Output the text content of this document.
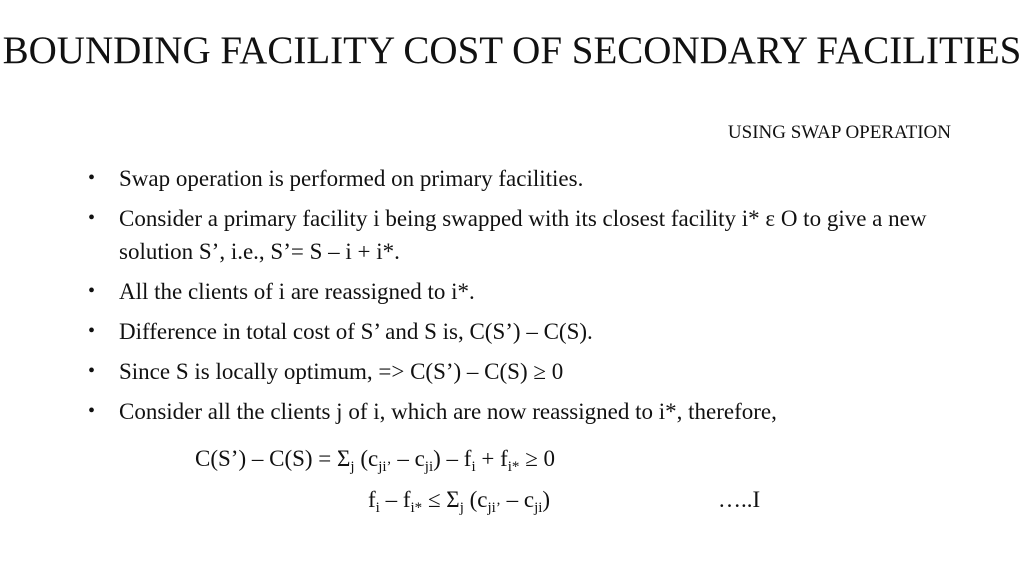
BOUNDING FACILITY COST OF SECONDARY FACILITIES
USING SWAP OPERATION
• Swap operation is performed on primary facilities.
• Consider a primary facility i being swapped with its closest facility i* ε O to give a new solution S’, i.e., S’= S – i + i*.
• All the clients of i are reassigned to i*.
• Difference in total cost of S’ and S is, C(S’) – C(S).
• Since S is locally optimum, => C(S’) – C(S) ≥ 0
• Consider all the clients j of i, which are now reassigned to i*, therefore,
C(S’) – $C(S) = \Sigma_j$ $(c_{ji’} - c_{ji}) - f_i + f_{i*} \ge 0$
$f_i - f_{i*} \le \Sigma_j$ $(c_{ji’} - c_{ji})$	…..I
